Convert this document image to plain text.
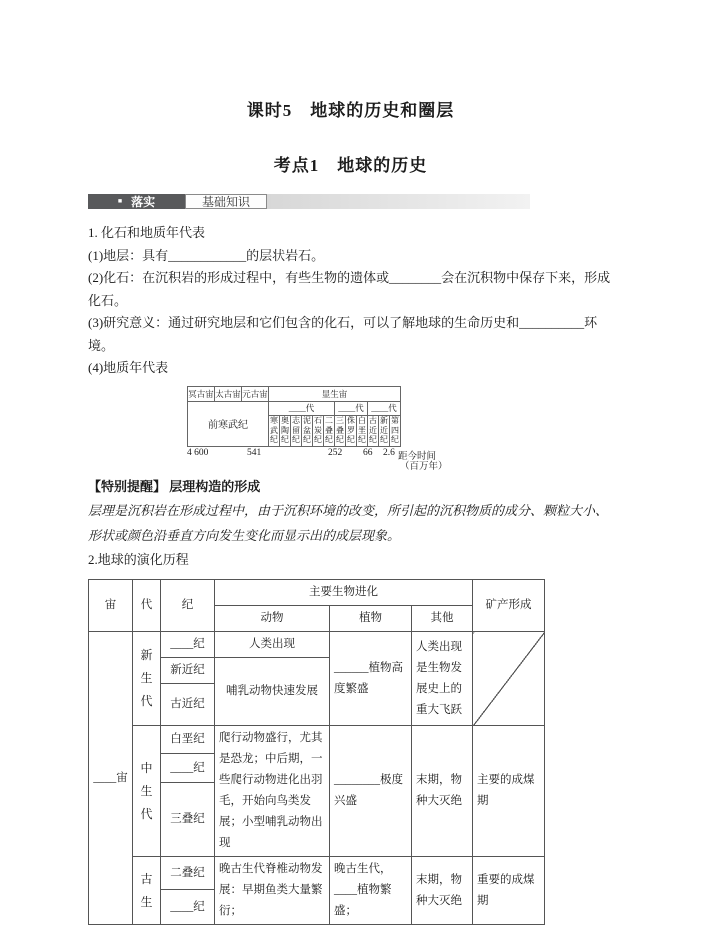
课时5　地球的历史和圈层
考点1　地球的历史
■ 落实	基础知识
1. 化石和地质年代表
(1)地层：具有____________的层状岩石。
(2)化石：在沉积岩的形成过程中，有些生物的遗体或________会在沉积物中保存下来，形成化石。
(3)研究意义：通过研究地层和它们包含的化石，可以了解地球的生命历史和__________环境。
(4)地质年代表
冥古宙	太古宙	元古宙	显生宙											
前寒武纪			____代						____代			____代		

			寒武纪	奥陶纪	志留纪	泥盆纪	石炭纪	二叠纪	三叠纪	侏罗纪	白垩纪	古近纪	新近纪	第四纪
4 600	541	252 66 2.6 距今时间
（百万年）
【特别提醒】 层理构造的形成
层理是沉积岩在形成过程中，由于沉积环境的改变，所引起的沉积物质的成分、颗粒大小、形状或颜色沿垂直方向发生变化而显示出的成层现象。
2.地球的演化历程
宙	代	纪	主要生物进化			矿产形成
			动物	植物	其他	
____宙	新生代	____纪	人类出现	______植物高度繁盛	人类出现是生物发展史上的重大飞跃	
		新近纪	哺乳动物快速发展			
		古近纪				

	中生代	白垩纪	爬行动物盛行，尤其是恐龙；中后期，一些爬行动物进化出羽毛，开始向鸟类发展；小型哺乳动物出现	________极度兴盛	末期，物种大灭绝	主要的成煤期
		____纪				
		三叠纪				

	古生	二叠纪	晚古生代脊椎动物发展：早期鱼类大量繁衍；	晚古生代，____植物繁盛；	末期，物种大灭绝	重要的成煤期
		____纪				
